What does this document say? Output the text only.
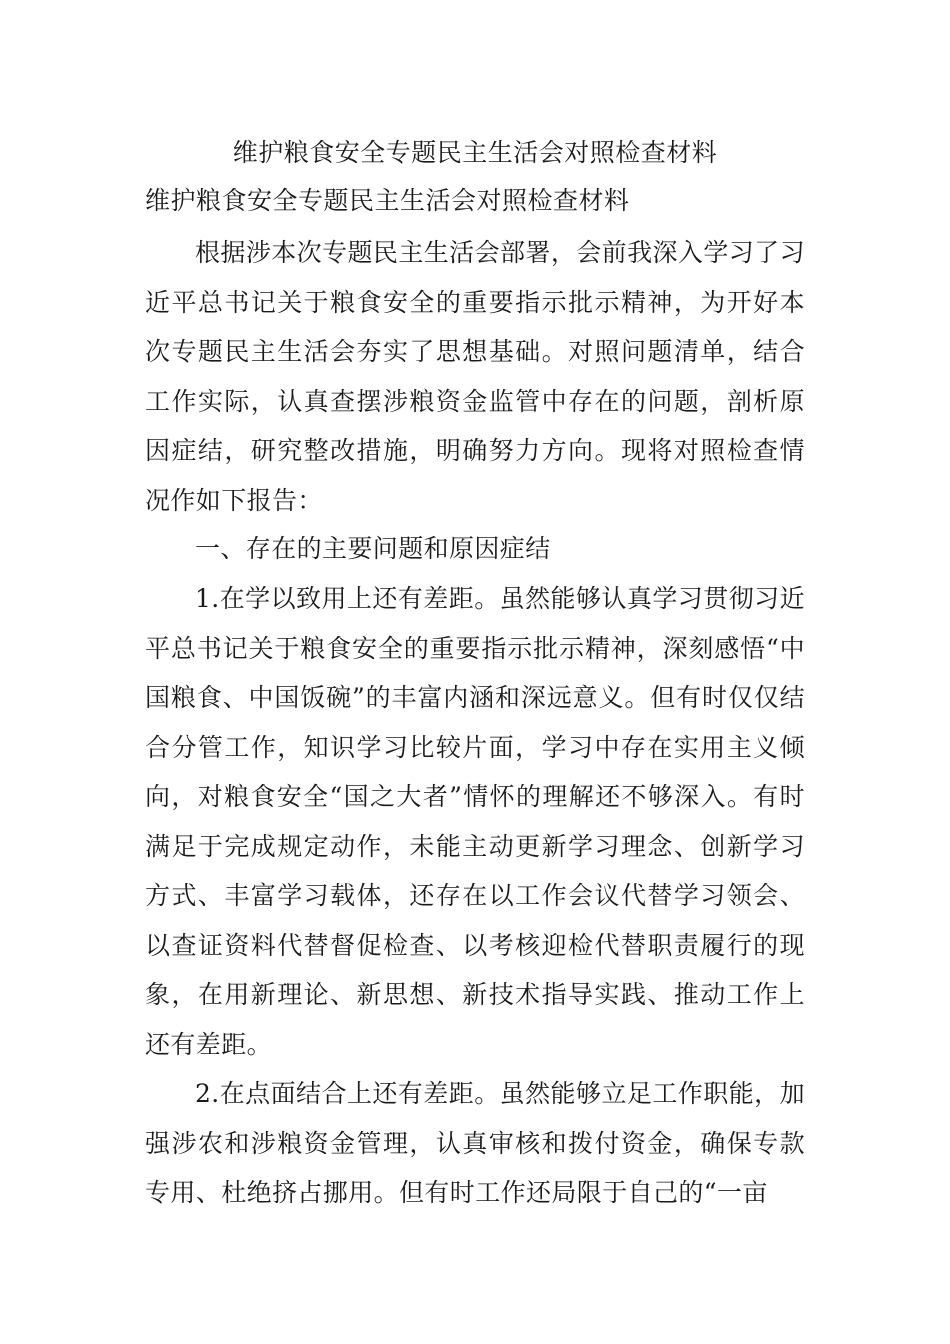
维护粮食安全专题民主生活会对照检查材料
维护粮食安全专题民主生活会对照检查材料

根据涉本次专题民主生活会部署，会前我深入学习了习近平总书记关于粮食安全的重要指示批示精神，为开好本次专题民主生活会夯实了思想基础。对照问题清单，结合工作实际，认真查摆涉粮资金监管中存在的问题，剖析原因症结，研究整改措施，明确努力方向。现将对照检查情况作如下报告：

一、存在的主要问题和原因症结

1.在学以致用上还有差距。虽然能够认真学习贯彻习近平总书记关于粮食安全的重要指示批示精神，深刻感悟“中国粮食、中国饭碗”的丰富内涵和深远意义。但有时仅仅结合分管工作，知识学习比较片面，学习中存在实用主义倾向，对粮食安全“国之大者”情怀的理解还不够深入。有时满足于完成规定动作，未能主动更新学习理念、创新学习方式、丰富学习载体，还存在以工作会议代替学习领会、以查证资料代替督促检查、以考核迎检代替职责履行的现象，在用新理论、新思想、新技术指导实践、推动工作上还有差距。

2.在点面结合上还有差距。虽然能够立足工作职能，加强涉农和涉粮资金管理，认真审核和拨付资金，确保专款专用、杜绝挤占挪用。但有时工作还局限于自己的“一亩
